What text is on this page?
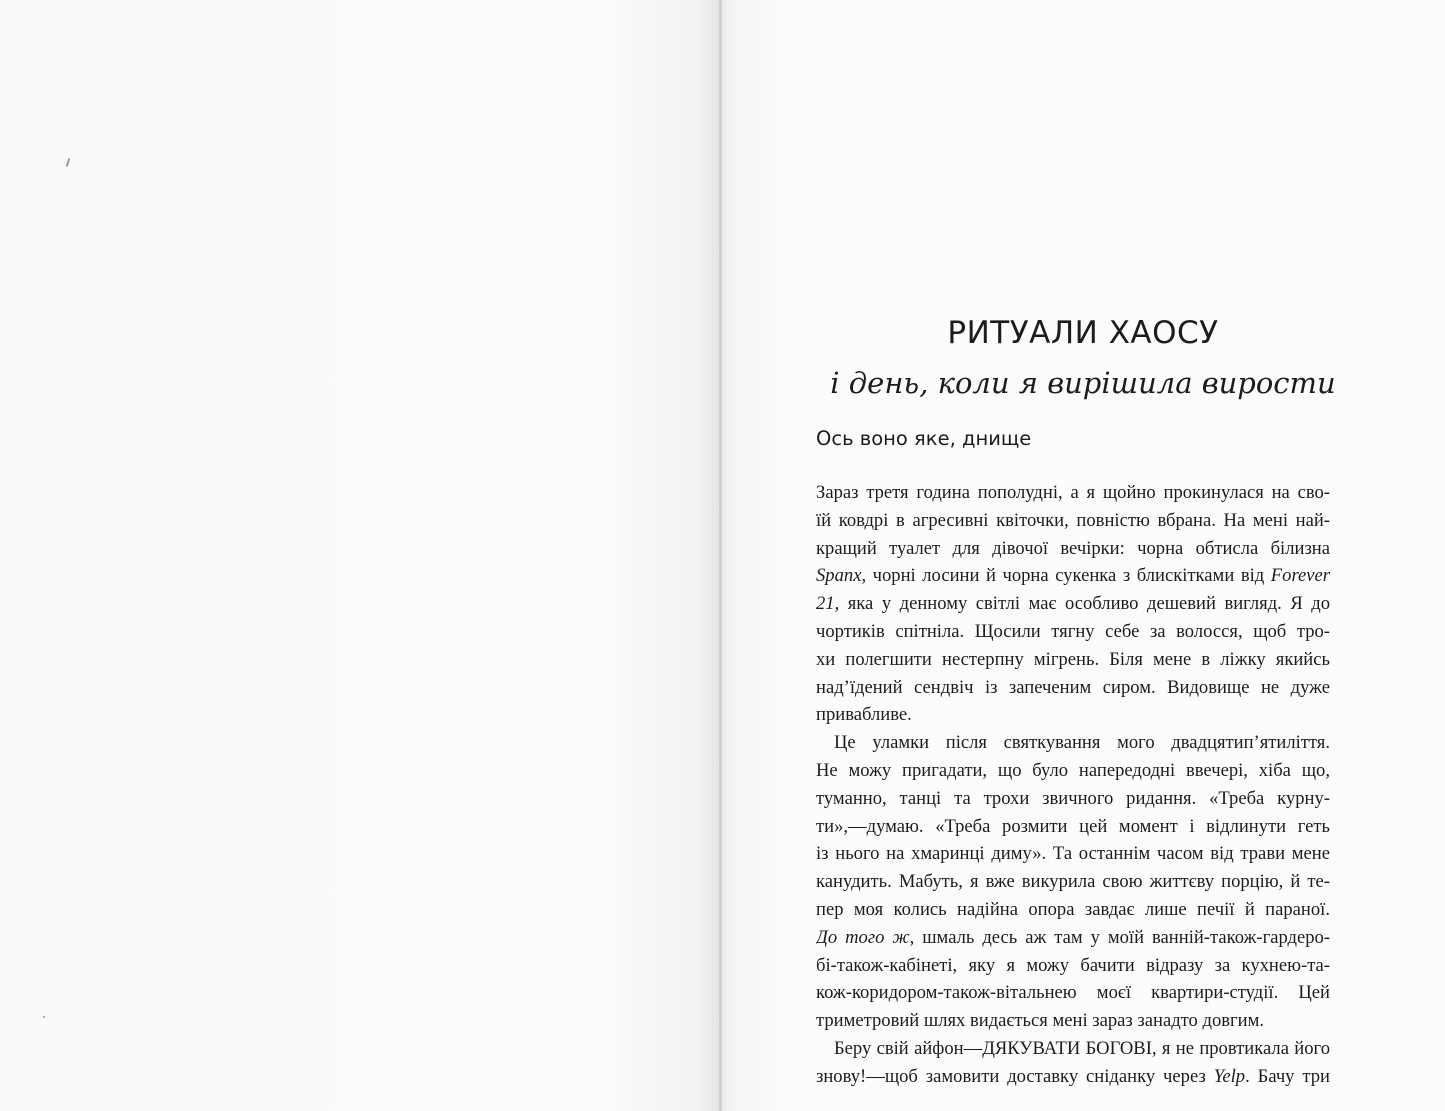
РИТУАЛИ ХАОСУ
і день, коли я вирішила вирости
Ось воно яке, днище
Зараз третя година пополудні, а я щойно прокинулася на сво-
їй ковдрі в агресивні квіточки, повністю вбрана. На мені най-
кращий туалет для дівочої вечірки: чорна обтисла білизна
Spanx, чорні лосини й чорна сукенка з блискітками від Forever
21, яка у денному світлі має особливо дешевий вигляд. Я до
чортиків спітніла. Щосили тягну себе за волосся, щоб тро-
хи полегшити нестерпну мігрень. Біля мене в ліжку якийсь
над’їдений сендвіч із запеченим сиром. Видовище не дуже
привабливе.
Це уламки після святкування мого двадцятип’ятиліття.
Не можу пригадати, що було напередодні ввечері, хіба що,
туманно, танці та трохи звичного ридання. «Треба курну-
ти»,—думаю. «Треба розмити цей момент і відлинути геть
із нього на хмаринці диму». Та останнім часом від трави мене
канудить. Мабуть, я вже викурила свою життєву порцію, й те-
пер моя колись надійна опора завдає лише печії й параної.
До того ж, шмаль десь аж там у моїй ванній-також-гардеро-
бі-також-кабінеті, яку я можу бачити відразу за кухнею-та-
кож-коридором-також-вітальнею моєї квартири-студії. Цей
триметровий шлях видається мені зараз занадто довгим.
Беру свій айфон—ДЯКУВАТИ БОГОВІ, я не провтикала його
знову!—щоб замовити доставку сніданку через Yelp. Бачу три
